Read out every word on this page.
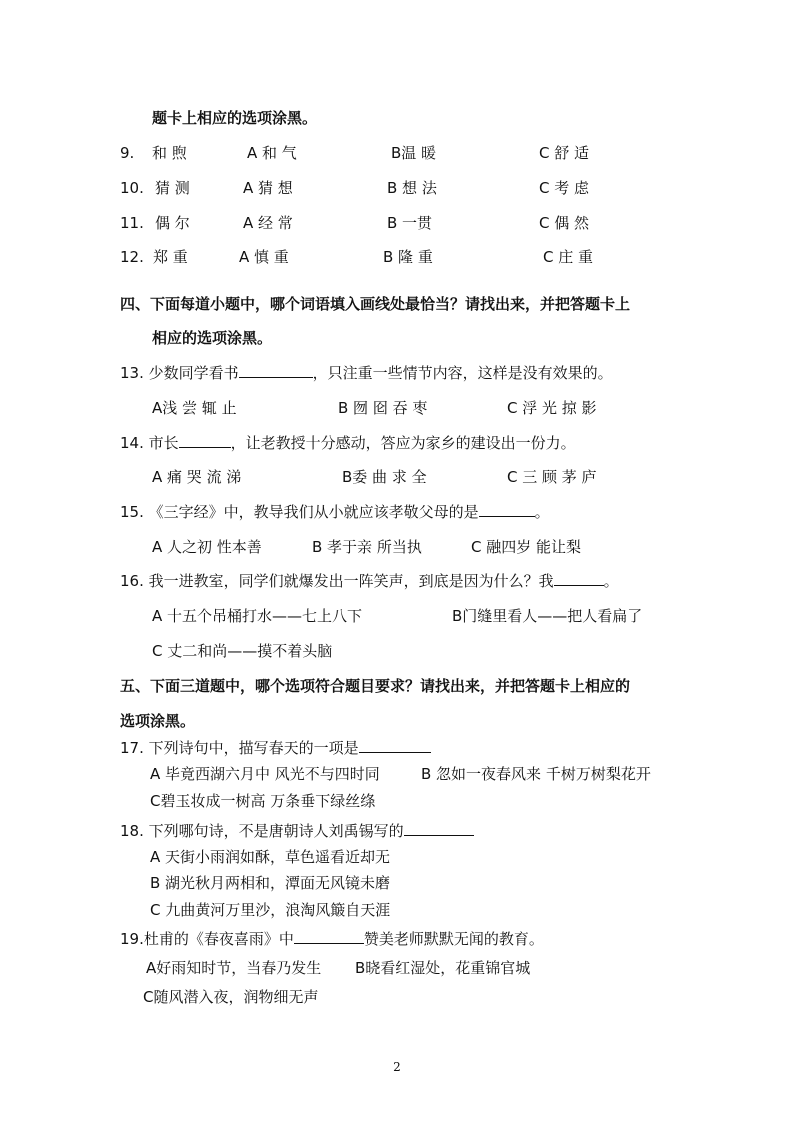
题卡上相应的选项涂黑。
9. 和 煦	A 和 气	B温 暖	C 舒 适
10. 猜 测	A 猜 想	B 想 法	C 考 虑
11. 偶 尔	A 经 常	B 一贯	C 偶 然
12. 郑 重	A 慎 重	B 隆 重	C 庄 重
四、下面每道小题中，哪个词语填入画线处最恰当？请找出来，并把答题卡上
相应的选项涂黑。
13. 少数同学看书	，只注重一些情节内容，这样是没有效果的。
A浅 尝 辄 止	B 囫 囵 吞 枣	C 浮 光 掠 影
14. 市长	，让老教授十分感动，答应为家乡的建设出一份力。
A 痛 哭 流 涕	B委 曲 求 全	C 三 顾 茅 庐
15. 《三字经》中，教导我们从小就应该孝敬父母的是	。
A 人之初 性本善	B 孝于亲 所当执	C 融四岁 能让梨
16. 我一进教室，同学们就爆发出一阵笑声，到底是因为什么？我	。
A 十五个吊桶打水——七上八下	B门缝里看人——把人看扁了
C 丈二和尚——摸不着头脑
五、下面三道题中，哪个选项符合题目要求？请找出来，并把答题卡上相应的
选项涂黑。
17. 下列诗句中，描写春天的一项是
A 毕竟西湖六月中 风光不与四时同	B 忽如一夜春风来 千树万树梨花开
C碧玉妆成一树高 万条垂下绿丝绦
18. 下列哪句诗，不是唐朝诗人刘禹锡写的
A 天街小雨润如酥，草色遥看近却无
B 湖光秋月两相和，潭面无风镜未磨
C 九曲黄河万里沙，浪淘风簸自天涯
19.杜甫的《春夜喜雨》中	赞美老师默默无闻的教育。
A好雨知时节，当春乃发生 B晓看红湿处，花重锦官城
C随风潜入夜，润物细无声
2
